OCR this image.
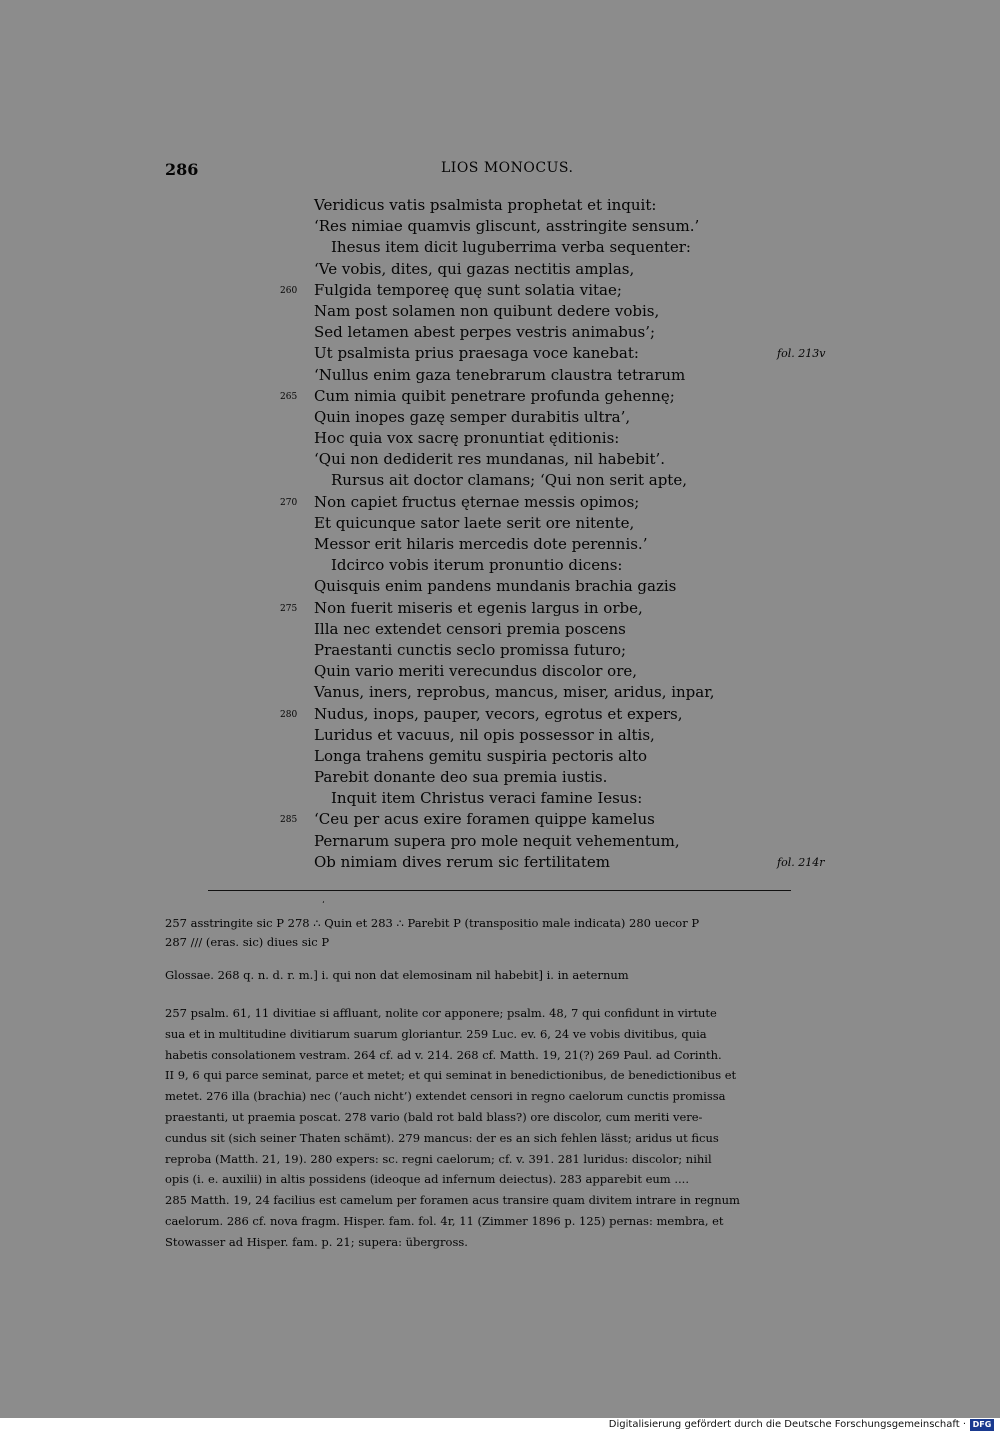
286	LIOS MONOCUS.
Veridicus vatis psalmista prophetat et inquit:
‘Res nimiae quamvis gliscunt, asstringite sensum.’
Ihesus item dicit luguberrima verba sequenter:
‘Ve vobis, dites, qui gazas nectitis amplas,
260 Fulgida temporeę quę sunt solatia vitae;
Nam post solamen non quibunt dedere vobis,
Sed letamen abest perpes vestris animabus’;
Ut psalmista prius praesaga voce kanebat:	fol. 213v
‘Nullus enim gaza tenebrarum claustra tetrarum
265 Cum nimia quibit penetrare profunda gehennę;
Quin inopes gazę semper durabitis ultra’,
Hoc quia vox sacrę pronuntiat ęditionis:
‘Qui non dediderit res mundanas, nil habebit’.
Rursus ait doctor clamans; ‘Qui non serit apte,
270 Non capiet fructus ęternae messis opimos;
Et quicunque sator laete serit ore nitente,
Messor erit hilaris mercedis dote perennis.’
Idcirco vobis iterum pronuntio dicens:
Quisquis enim pandens mundanis brachia gazis
275 Non fuerit miseris et egenis largus in orbe,
Illa nec extendet censori premia poscens
Praestanti cunctis seclo promissa futuro;
Quin vario meriti verecundus discolor ore,
Vanus, iners, reprobus, mancus, miser, aridus, inpar,
280 Nudus, inops, pauper, vecors, egrotus et expers,
Luridus et vacuus, nil opis possessor in altis,
Longa trahens gemitu suspiria pectoris alto
Parebit donante deo sua premia iustis.
Inquit item Christus veraci famine Iesus:
285 ‘Ceu per acus exire foramen quippe kamelus
Pernarum supera pro mole nequit vehementum,
Ob nimiam dives rerum sic fertilitatem	fol. 214r
‘
257 asstringite sic P 278 ∴ Quin et 283 ∴ Parebit P (transpositio male indicata) 280 uecor P
287 /// (eras. sic) diues sic P
Glossae. 268 q. n. d. r. m.] i. qui non dat elemosinam nil habebit] i. in aeternum
257 psalm. 61, 11 divitiae si affluant, nolite cor apponere; psalm. 48, 7 qui confidunt in virtute
sua et in multitudine divitiarum suarum gloriantur. 259 Luc. ev. 6, 24 ve vobis divitibus, quia
habetis consolationem vestram. 264 cf. ad v. 214. 268 cf. Matth. 19, 21(?) 269 Paul. ad Corinth.
II 9, 6 qui parce seminat, parce et metet; et qui seminat in benedictionibus, de benedictionibus et
metet. 276 illa (brachia) nec (‘auch nicht’) extendet censori in regno caelorum cunctis promissa
praestanti, ut praemia poscat. 278 vario (bald rot bald blass?) ore discolor, cum meriti vere-
cundus sit (sich seiner Thaten schämt). 279 mancus: der es an sich fehlen lässt; aridus ut ficus
reproba (Matth. 21, 19). 280 expers: sc. regni caelorum; cf. v. 391. 281 luridus: discolor; nihil
opis (i. e. auxilii) in altis possidens (ideoque ad infernum deiectus). 283 apparebit eum ....
285 Matth. 19, 24 facilius est camelum per foramen acus transire quam divitem intrare in regnum
caelorum. 286 cf. nova fragm. Hisper. fam. fol. 4r, 11 (Zimmer 1896 p. 125) pernas: membra, et
Stowasser ad Hisper. fam. p. 21; supera: übergross.
Digitalisierung gefördert durch die Deutsche Forschungsgemeinschaft · DFG
